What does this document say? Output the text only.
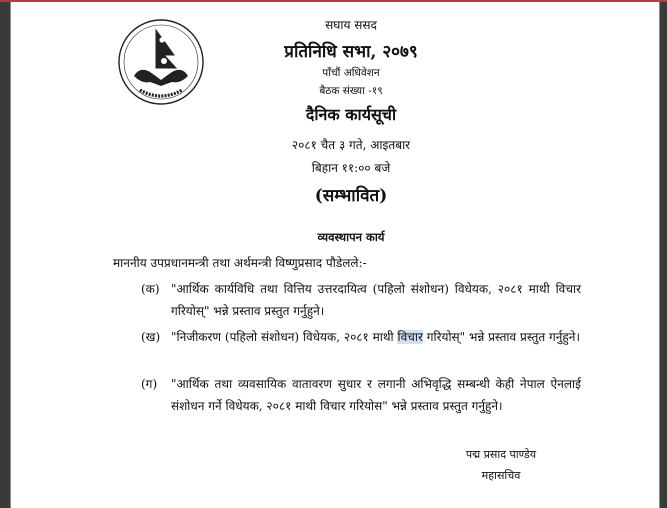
सघाय ससद
प्रतिनिधि सभा, २०७९
पाँचौं अधिवेशन
बैठक संख्या -१९
दैनिक कार्यसूची
२०८१ चैत ३ गते, आइतबार
बिहान ११:०० बजे
(सम्भावित)
व्यवस्थापन कार्य
माननीय उपप्रधानमन्त्री तथा अर्थमन्त्री विष्णुप्रसाद पौडेलले:-
(क) "आर्थिक कार्यविधि तथा वित्तिय उत्तरदायित्व (पहिलो संशोधन) विधेयक, २०८१ माथी विचार गरियोस्" भन्ने प्रस्ताव प्रस्तुत गर्नुहुने।
(ख) "निजीकरण (पहिलो संशोधन) विधेयक, २०८१ माथी विचार गरियोस्" भन्ने प्रस्ताव प्रस्तुत गर्नुहुने।
(ग) "आर्थिक तथा व्यवसायिक वातावरण सुधार र लगानी अभिवृद्धि सम्बन्धी केही नेपाल ऐनलाई संशोधन गर्ने विधेयक, २०८१ माथी विचार गरियोस" भन्ने प्रस्ताव प्रस्तुत गर्नुहुने।
पद्म प्रसाद पाण्डेय
महासचिव
